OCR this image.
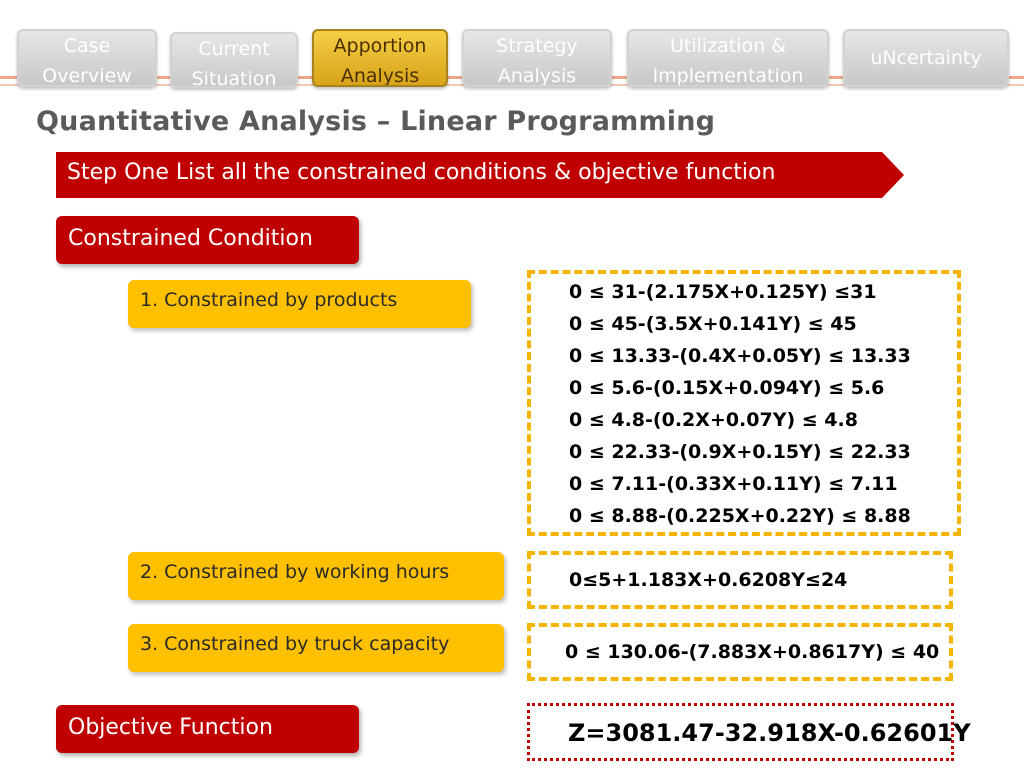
Case
Overview
Current
Situation
Apportion
Analysis
Strategy
Analysis
Utilization &
Implementation
uNcertainty
Quantitative Analysis – Linear Programming
Step One List all the constrained conditions & objective function
Constrained Condition
1. Constrained by products	0 ≤ 31-(2.175X+0.125Y) ≤31
0 ≤ 45-(3.5X+0.141Y) ≤ 45
0 ≤ 13.33-(0.4X+0.05Y) ≤ 13.33
0 ≤ 5.6-(0.15X+0.094Y) ≤ 5.6
0 ≤ 4.8-(0.2X+0.07Y) ≤ 4.8
0 ≤ 22.33-(0.9X+0.15Y) ≤ 22.33
0 ≤ 7.11-(0.33X+0.11Y) ≤ 7.11
0 ≤ 8.88-(0.225X+0.22Y) ≤ 8.88
2. Constrained by working hours	0≤5+1.183X+0.6208Y≤24
3. Constrained by truck capacity	0 ≤ 130.06-(7.883X+0.8617Y) ≤ 40
Objective Function	Z=3081.47-32.918X-0.62601Y
